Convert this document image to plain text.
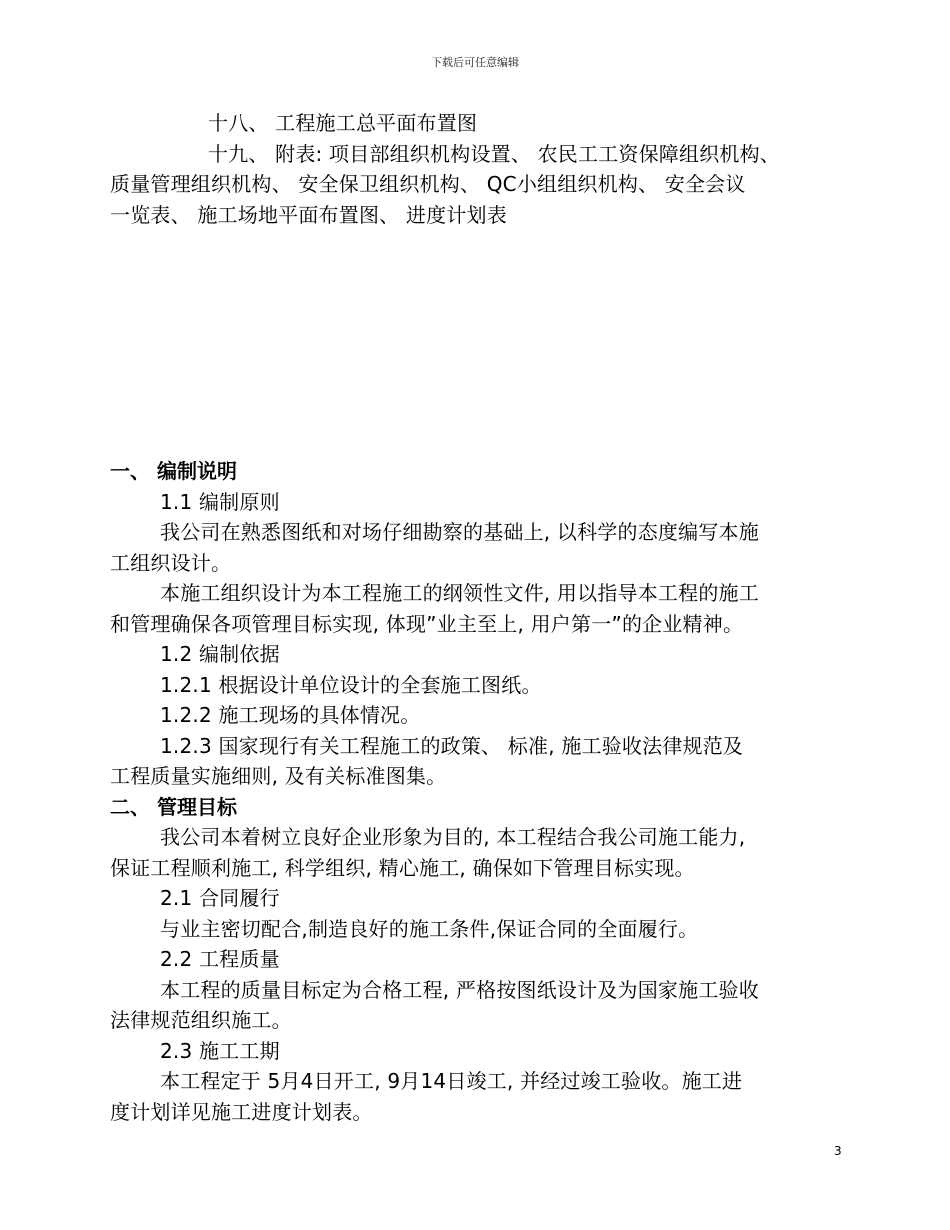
下载后可任意编辑
十八、 工程施工总平面布置图
十九、 附表: 项目部组织机构设置、 农民工工资保障组织机构、
质量管理组织机构、 安全保卫组织机构、 QC小组组织机构、 安全会议
一览表、 施工场地平面布置图、 进度计划表
一、 编制说明
1.1 编制原则
我公司在熟悉图纸和对场仔细勘察的基础上, 以科学的态度编写本施
工组织设计。
本施工组织设计为本工程施工的纲领性文件, 用以指导本工程的施工
和管理确保各项管理目标实现, 体现”业主至上, 用户第一”的企业精神。
1.2 编制依据
1.2.1 根据设计单位设计的全套施工图纸。
1.2.2 施工现场的具体情况。
1.2.3 国家现行有关工程施工的政策、 标准, 施工验收法律规范及
工程质量实施细则, 及有关标准图集。
二、 管理目标
我公司本着树立良好企业形象为目的, 本工程结合我公司施工能力,
保证工程顺利施工, 科学组织, 精心施工, 确保如下管理目标实现。
2.1 合同履行
与业主密切配合,制造良好的施工条件,保证合同的全面履行。
2.2 工程质量
本工程的质量目标定为合格工程, 严格按图纸设计及为国家施工验收
法律规范组织施工。
2.3 施工工期
本工程定于 5月4日开工, 9月14日竣工, 并经过竣工验收。施工进
度计划详见施工进度计划表。
3
